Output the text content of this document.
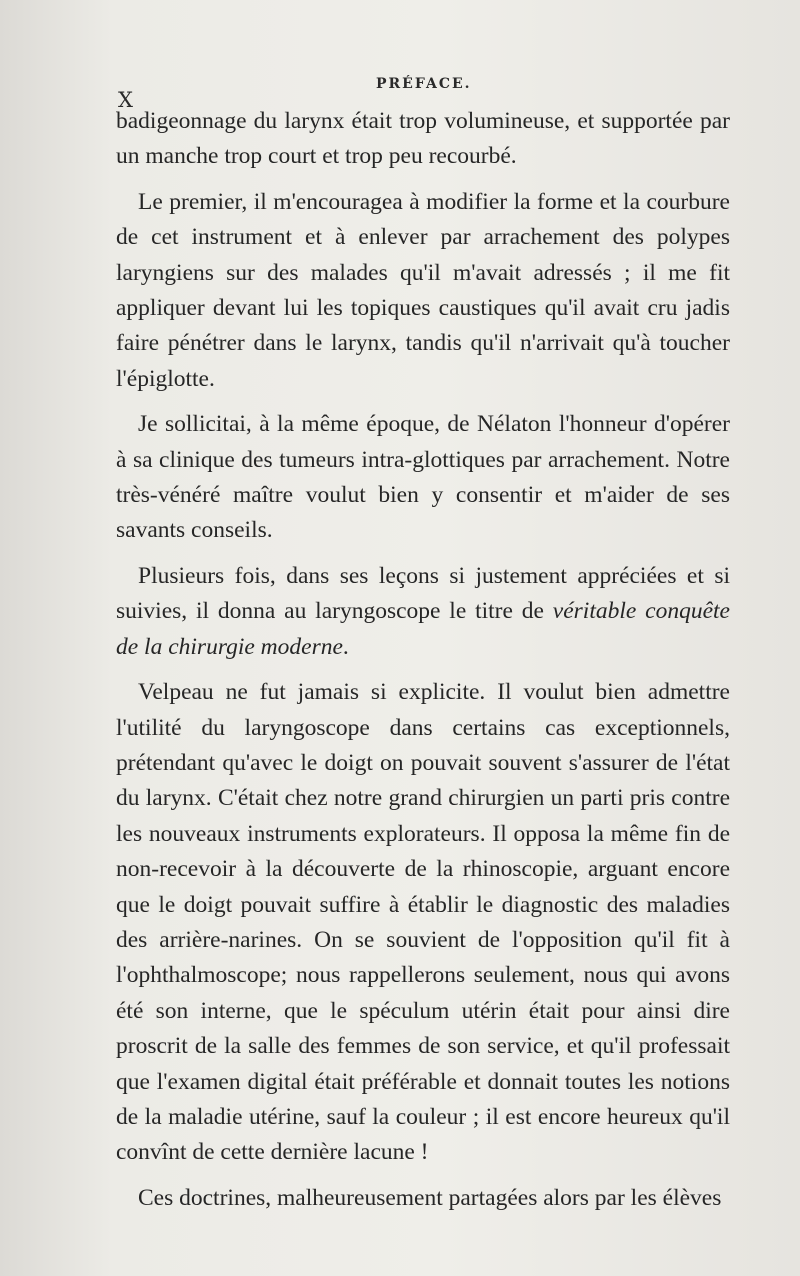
X
PRÉFACE.

badigeonnage du larynx était trop volumineuse, et supportée par un manche trop court et trop peu recourbé.

Le premier, il m'encouragea à modifier la forme et la courbure de cet instrument et à enlever par arrachement des polypes laryngiens sur des malades qu'il m'avait adressés ; il me fit appliquer devant lui les topiques caustiques qu'il avait cru jadis faire pénétrer dans le larynx, tandis qu'il n'arrivait qu'à toucher l'épiglotte.

Je sollicitai, à la même époque, de Nélaton l'honneur d'opérer à sa clinique des tumeurs intra-glottiques par arrachement. Notre très-vénéré maître voulut bien y consentir et m'aider de ses savants conseils.

Plusieurs fois, dans ses leçons si justement appréciées et si suivies, il donna au laryngoscope le titre de véritable conquête de la chirurgie moderne.

Velpeau ne fut jamais si explicite. Il voulut bien admettre l'utilité du laryngoscope dans certains cas exceptionnels, prétendant qu'avec le doigt on pouvait souvent s'assurer de l'état du larynx. C'était chez notre grand chirurgien un parti pris contre les nouveaux instruments explorateurs. Il opposa la même fin de non-recevoir à la découverte de la rhinoscopie, arguant encore que le doigt pouvait suffire à établir le diagnostic des maladies des arrière-narines. On se souvient de l'opposition qu'il fit à l'ophthalmoscope; nous rappellerons seulement, nous qui avons été son interne, que le spéculum utérin était pour ainsi dire proscrit de la salle des femmes de son service, et qu'il professait que l'examen digital était préférable et donnait toutes les notions de la maladie utérine, sauf la couleur ; il est encore heureux qu'il convînt de cette dernière lacune !

Ces doctrines, malheureusement partagées alors par les élèves
